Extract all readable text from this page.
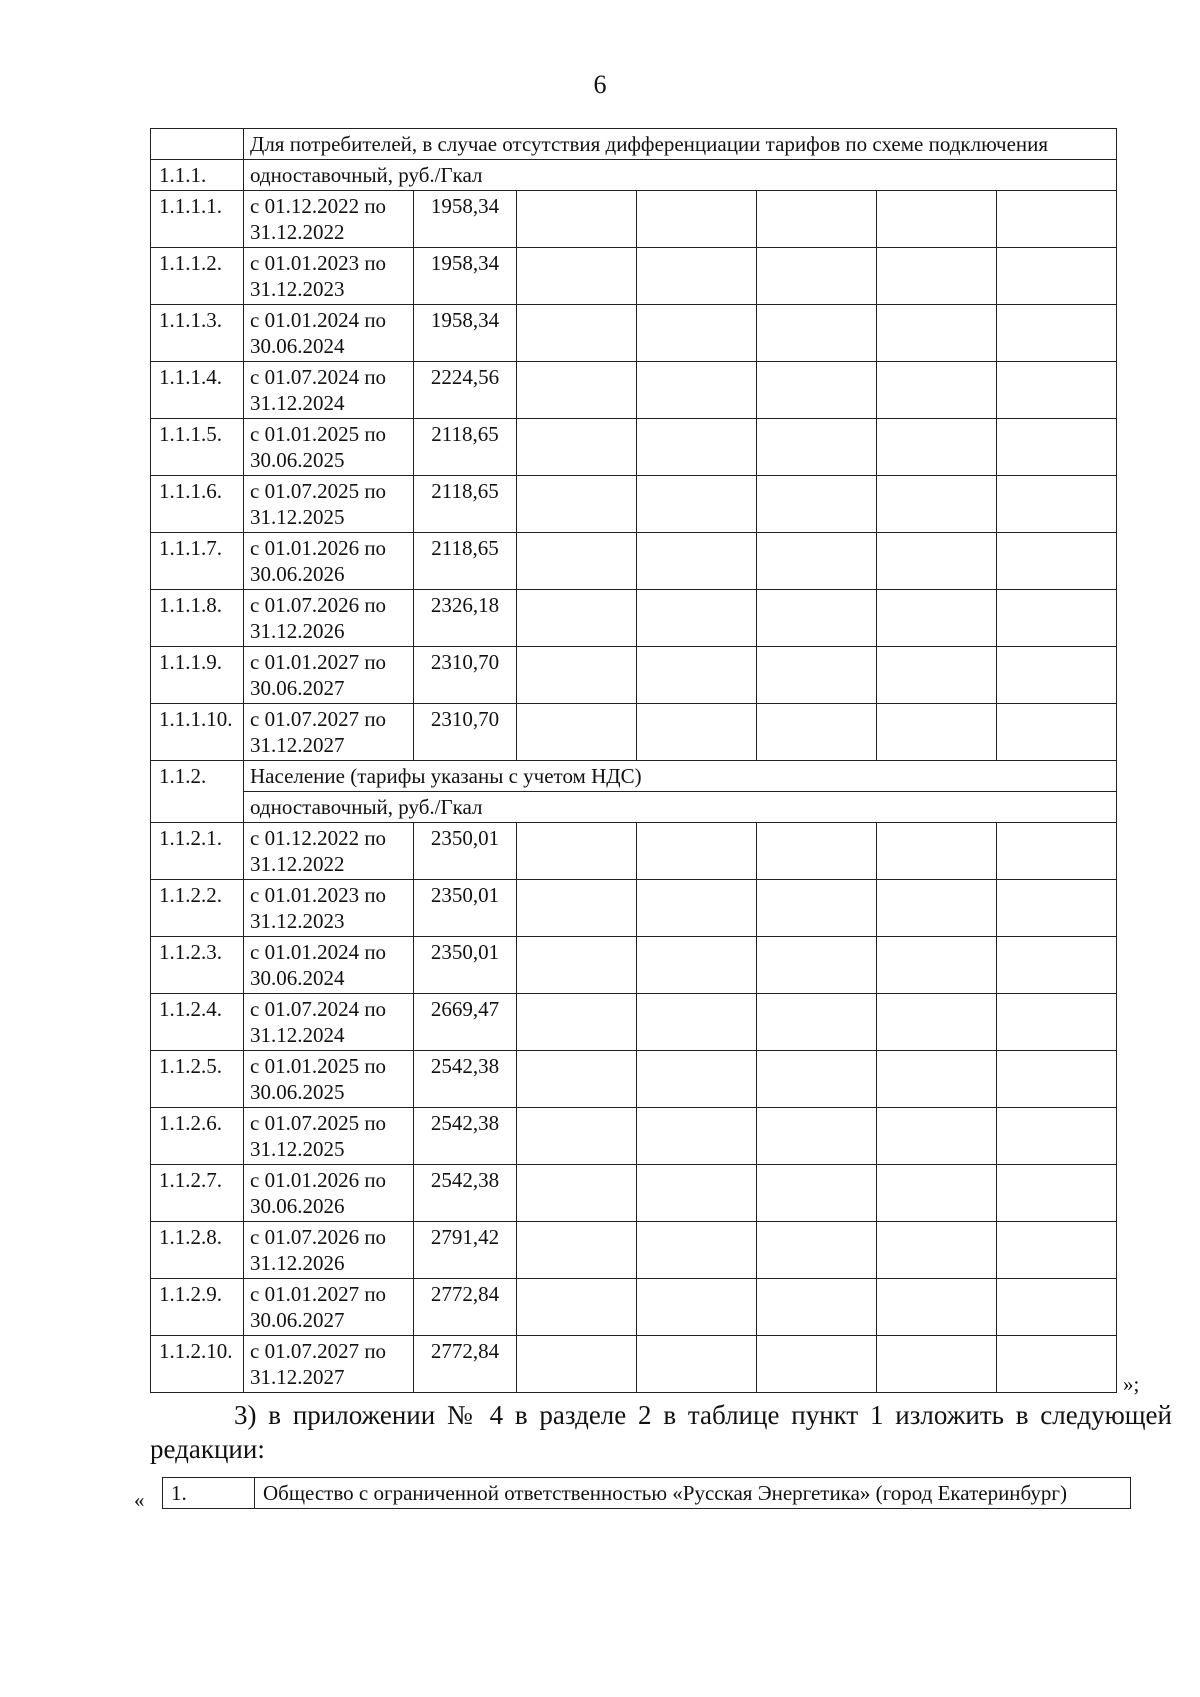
6
	Для потребителей, в случае отсутствия дифференциации тарифов по схеме подключения						
1.1.1.	одноставочный, руб./Гкал						
1.1.1.1.	с 01.12.2022 по 31.12.2022	1958,34					
1.1.1.2.	с 01.01.2023 по 31.12.2023	1958,34					
1.1.1.3.	с 01.01.2024 по 30.06.2024	1958,34					
1.1.1.4.	с 01.07.2024 по 31.12.2024	2224,56					
1.1.1.5.	с 01.01.2025 по 30.06.2025	2118,65					
1.1.1.6.	с 01.07.2025 по 31.12.2025	2118,65					
1.1.1.7.	с 01.01.2026 по 30.06.2026	2118,65					
1.1.1.8.	с 01.07.2026 по 31.12.2026	2326,18					
1.1.1.9.	с 01.01.2027 по 30.06.2027	2310,70					
1.1.1.10.	с 01.07.2027 по 31.12.2027	2310,70					
1.1.2.	Население (тарифы указаны с учетом НДС)						
	одноставочный, руб./Гкал						
1.1.2.1.	с 01.12.2022 по 31.12.2022	2350,01					
1.1.2.2.	с 01.01.2023 по 31.12.2023	2350,01					
1.1.2.3.	с 01.01.2024 по 30.06.2024	2350,01					
1.1.2.4.	с 01.07.2024 по 31.12.2024	2669,47					
1.1.2.5.	с 01.01.2025 по 30.06.2025	2542,38					
1.1.2.6.	с 01.07.2025 по 31.12.2025	2542,38					
1.1.2.7.	с 01.01.2026 по 30.06.2026	2542,38					
1.1.2.8.	с 01.07.2026 по 31.12.2026	2791,42					
1.1.2.9.	с 01.01.2027 по 30.06.2027	2772,84					
1.1.2.10.	с 01.07.2027 по 31.12.2027	2772,84					
»;
3) в приложении № 4 в разделе 2 в таблице пункт 1 изложить в следующей редакции:
« 1.	Общество с ограниченной ответственностью «Русская Энергетика» (город Екатеринбург)
